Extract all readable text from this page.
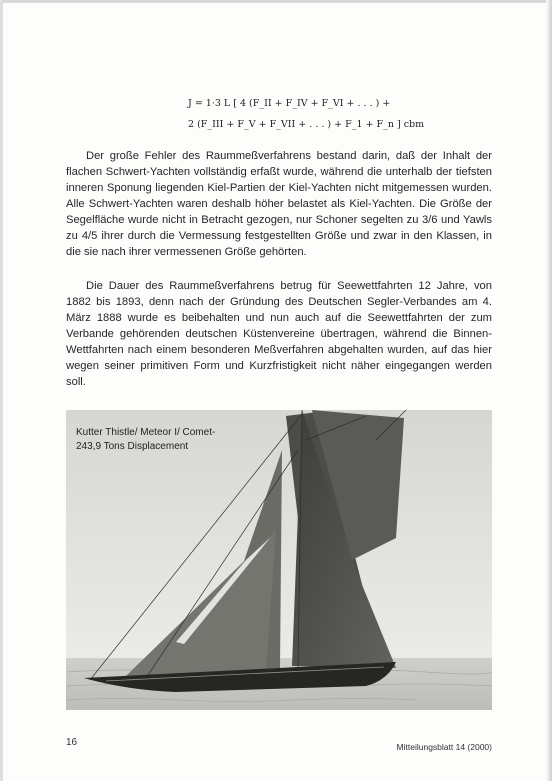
J = 1·3 L [ 4 (F_II + F_IV + F_VI + . . . ) +
2 (F_III + F_V + F_VII + . . . ) + F_1 + F_n ] cbm

Der große Fehler des Raummeßverfahrens bestand darin, daß der Inhalt der flachen Schwert-Yachten vollständig erfaßt wurde, während die unterhalb der tiefsten inneren Sponung liegenden Kiel-Partien der Kiel-Yachten nicht mitgemessen wurden. Alle Schwert-Yachten waren deshalb höher belastet als Kiel-Yachten. Die Größe der Segelfläche wurde nicht in Betracht gezogen, nur Schoner segelten zu 3/6 und Yawls zu 4/5 ihrer durch die Vermessung festgestellten Größe und zwar in den Klassen, in die sie nach ihrer vermessenen Größe gehörten.

Die Dauer des Raummeßverfahrens betrug für Seewettfahrten 12 Jahre, von 1882 bis 1893, denn nach der Gründung des Deutschen Segler-Verbandes am 4. März 1888 wurde es beibehalten und nun auch auf die Seewettfahrten der zum Verbande gehörenden deutschen Küstenvereine übertragen, während die Binnen-Wettfahrten nach einem besonderen Meßverfahren abgehalten wurden, auf das hier wegen seiner primitiven Form und Kurzfristigkeit nicht näher eingegangen werden soll.

Kutter Thistle/ Meteor I/ Comet-
243,9 Tons Displacement
16	Mitteilungsblatt 14 (2000)
